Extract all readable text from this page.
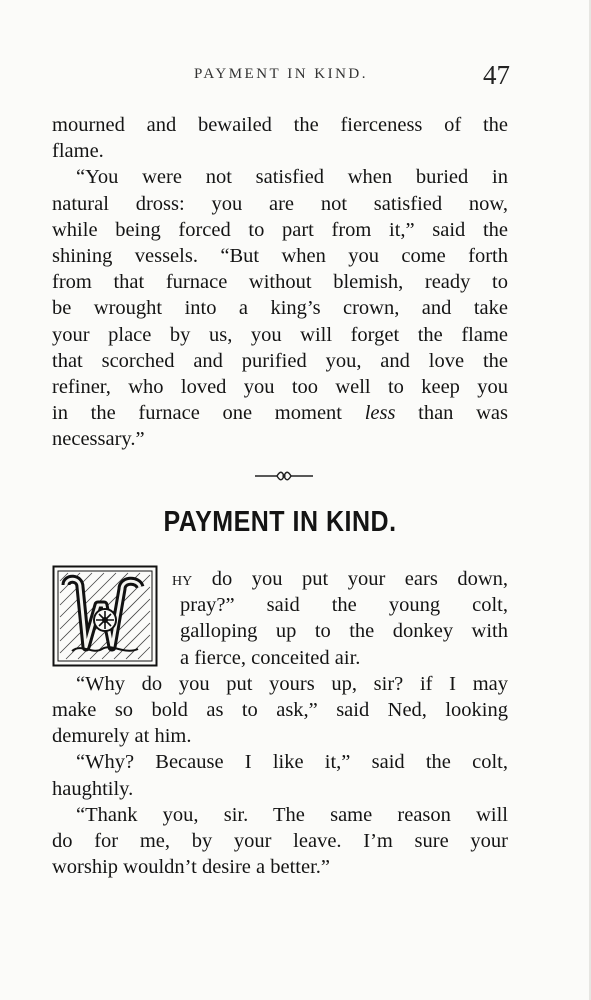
PAYMENT IN KIND.	47
mourned and bewailed the fierceness of the
flame.
“You were not satisfied when buried in
natural dross: you are not satisfied now,
while being forced to part from it,” said the
shining vessels. “But when you come forth
from that furnace without blemish, ready to
be wrought into a king’s crown, and take
your place by us, you will forget the flame
that scorched and purified you, and love the
refiner, who loved you too well to keep you
in the furnace one moment less than was
necessary.”
PAYMENT IN KIND.
hy do you put your ears down,
pray?” said the young colt,
galloping up to the donkey with
a fierce, conceited air.
“Why do you put yours up, sir? if I may
make so bold as to ask,” said Ned, looking
demurely at him.
“Why? Because I like it,” said the colt,
haughtily.
“Thank you, sir. The same reason will
do for me, by your leave. I’m sure your
worship wouldn’t desire a better.”
